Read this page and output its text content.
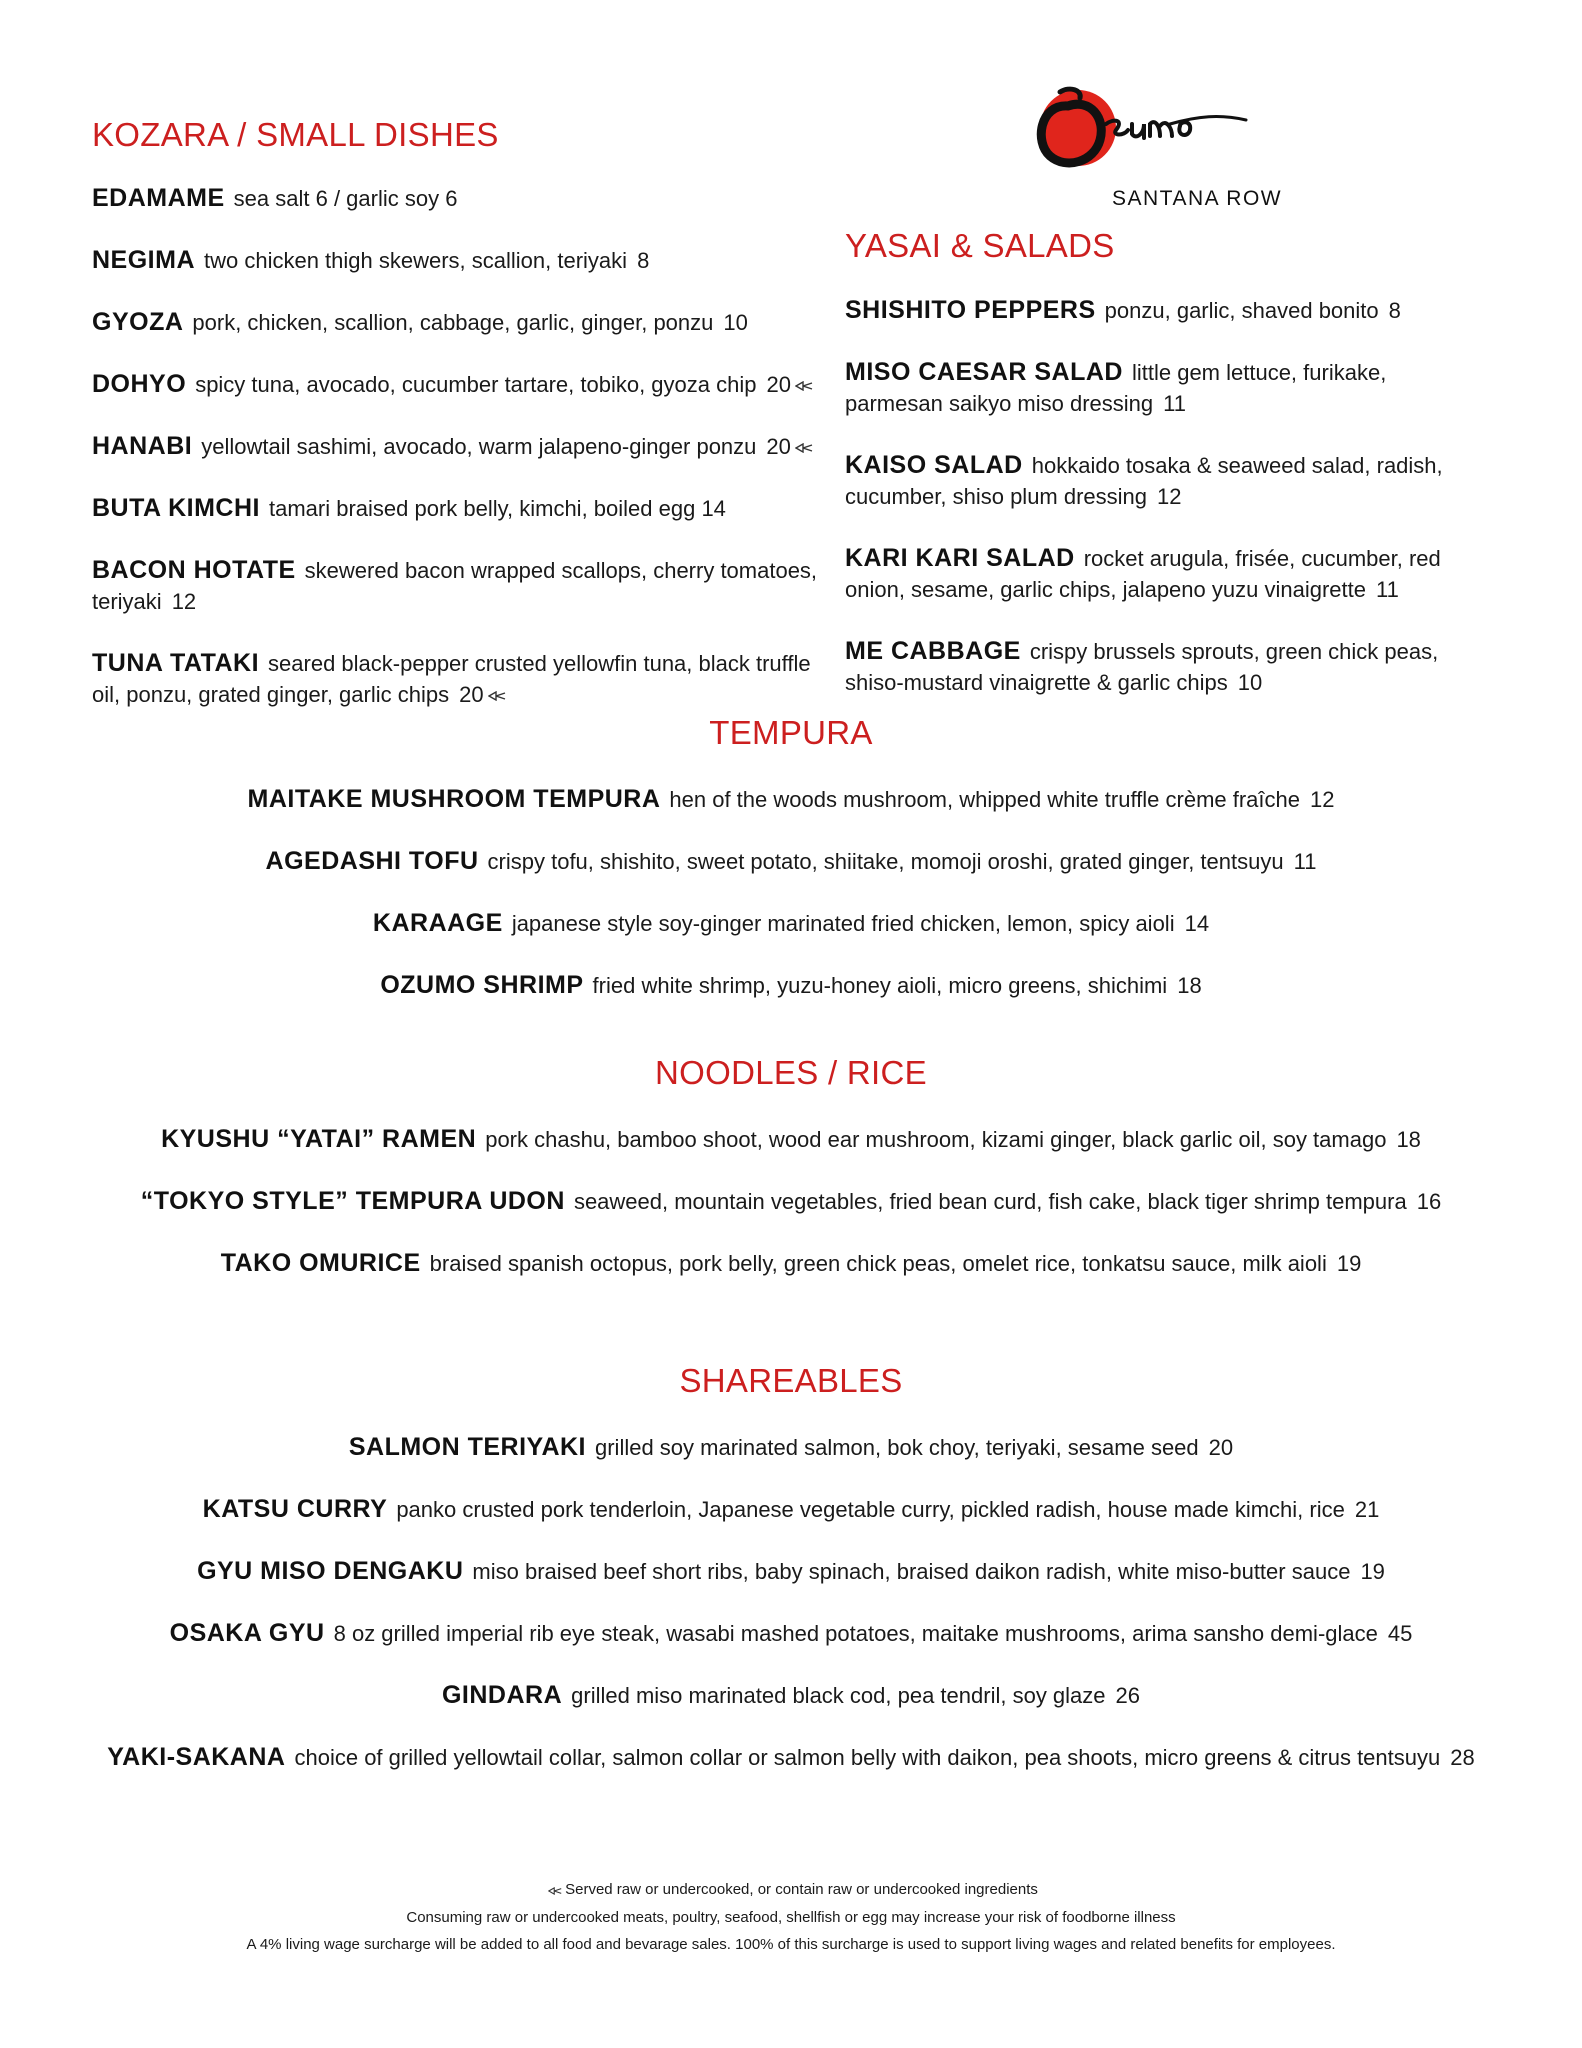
SANTANA ROW
KOZARA / SMALL DISHES
EDAMAME sea salt 6 / garlic soy 6
NEGIMA two chicken thigh skewers, scallion, teriyaki 8
GYOZA pork, chicken, scallion, cabbage, garlic, ginger, ponzu 10
DOHYO spicy tuna, avocado, cucumber tartare, tobiko, gyoza chip 20
HANABI yellowtail sashimi, avocado, warm jalapeno-ginger ponzu 20
BUTA KIMCHI tamari braised pork belly, kimchi, boiled egg 14
BACON HOTATE skewered bacon wrapped scallops, cherry tomatoes, teriyaki 12
TUNA TATAKI seared black-pepper crusted yellowfin tuna, black truffle oil, ponzu, grated ginger, garlic chips 20
YASAI & SALADS
SHISHITO PEPPERS ponzu, garlic, shaved bonito 8
MISO CAESAR SALAD little gem lettuce, furikake, parmesan saikyo miso dressing 11
KAISO SALAD hokkaido tosaka & seaweed salad, radish, cucumber, shiso plum dressing 12
KARI KARI SALAD rocket arugula, frisée, cucumber, red onion, sesame, garlic chips, jalapeno yuzu vinaigrette 11
ME CABBAGE crispy brussels sprouts, green chick peas, shiso-mustard vinaigrette & garlic chips 10
TEMPURA
MAITAKE MUSHROOM TEMPURA hen of the woods mushroom, whipped white truffle crème fraîche 12
AGEDASHI TOFU crispy tofu, shishito, sweet potato, shiitake, momoji oroshi, grated ginger, tentsuyu 11
KARAAGE japanese style soy-ginger marinated fried chicken, lemon, spicy aioli 14
OZUMO SHRIMP fried white shrimp, yuzu-honey aioli, micro greens, shichimi 18
NOODLES / RICE
KYUSHU “YATAI” RAMEN pork chashu, bamboo shoot, wood ear mushroom, kizami ginger, black garlic oil, soy tamago 18
“TOKYO STYLE” TEMPURA UDON seaweed, mountain vegetables, fried bean curd, fish cake, black tiger shrimp tempura 16
TAKO OMURICE braised spanish octopus, pork belly, green chick peas, omelet rice, tonkatsu sauce, milk aioli 19
SHAREABLES
SALMON TERIYAKI grilled soy marinated salmon, bok choy, teriyaki, sesame seed 20
KATSU CURRY panko crusted pork tenderloin, Japanese vegetable curry, pickled radish, house made kimchi, rice 21
GYU MISO DENGAKU miso braised beef short ribs, baby spinach, braised daikon radish, white miso-butter sauce 19
OSAKA GYU 8 oz grilled imperial rib eye steak, wasabi mashed potatoes, maitake mushrooms, arima sansho demi-glace 45
GINDARA grilled miso marinated black cod, pea tendril, soy glaze 26
YAKI-SAKANA choice of grilled yellowtail collar, salmon collar or salmon belly with daikon, pea shoots, micro greens & citrus tentsuyu 28
Served raw or undercooked, or contain raw or undercooked ingredients
Consuming raw or undercooked meats, poultry, seafood, shellfish or egg may increase your risk of foodborne illness
A 4% living wage surcharge will be added to all food and bevarage sales. 100% of this surcharge is used to support living wages and related benefits for employees.
